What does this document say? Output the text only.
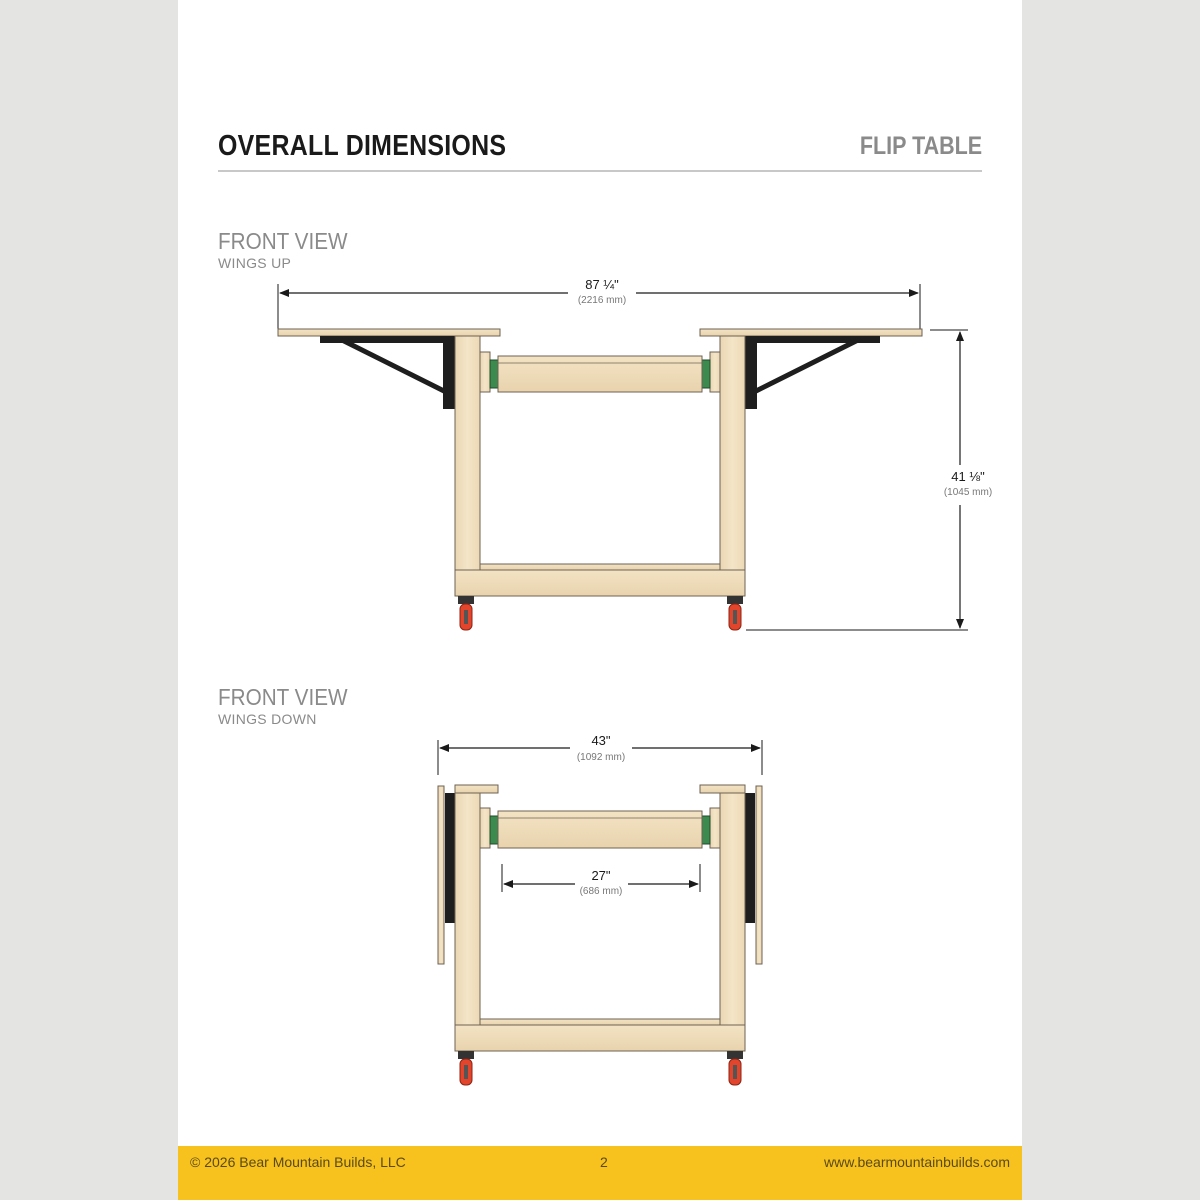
OVERALL DIMENSIONS	FLIP TABLE
FRONT VIEW
WINGS UP
FRONT VIEW
WINGS DOWN
© 2026 Bear Mountain Builds, LLC	2	www.bearmountainbuilds.com
87 ¼"
(2216 mm)
41 ⅛"
(1045 mm)
43"
(1092 mm)
27"
(686 mm)
